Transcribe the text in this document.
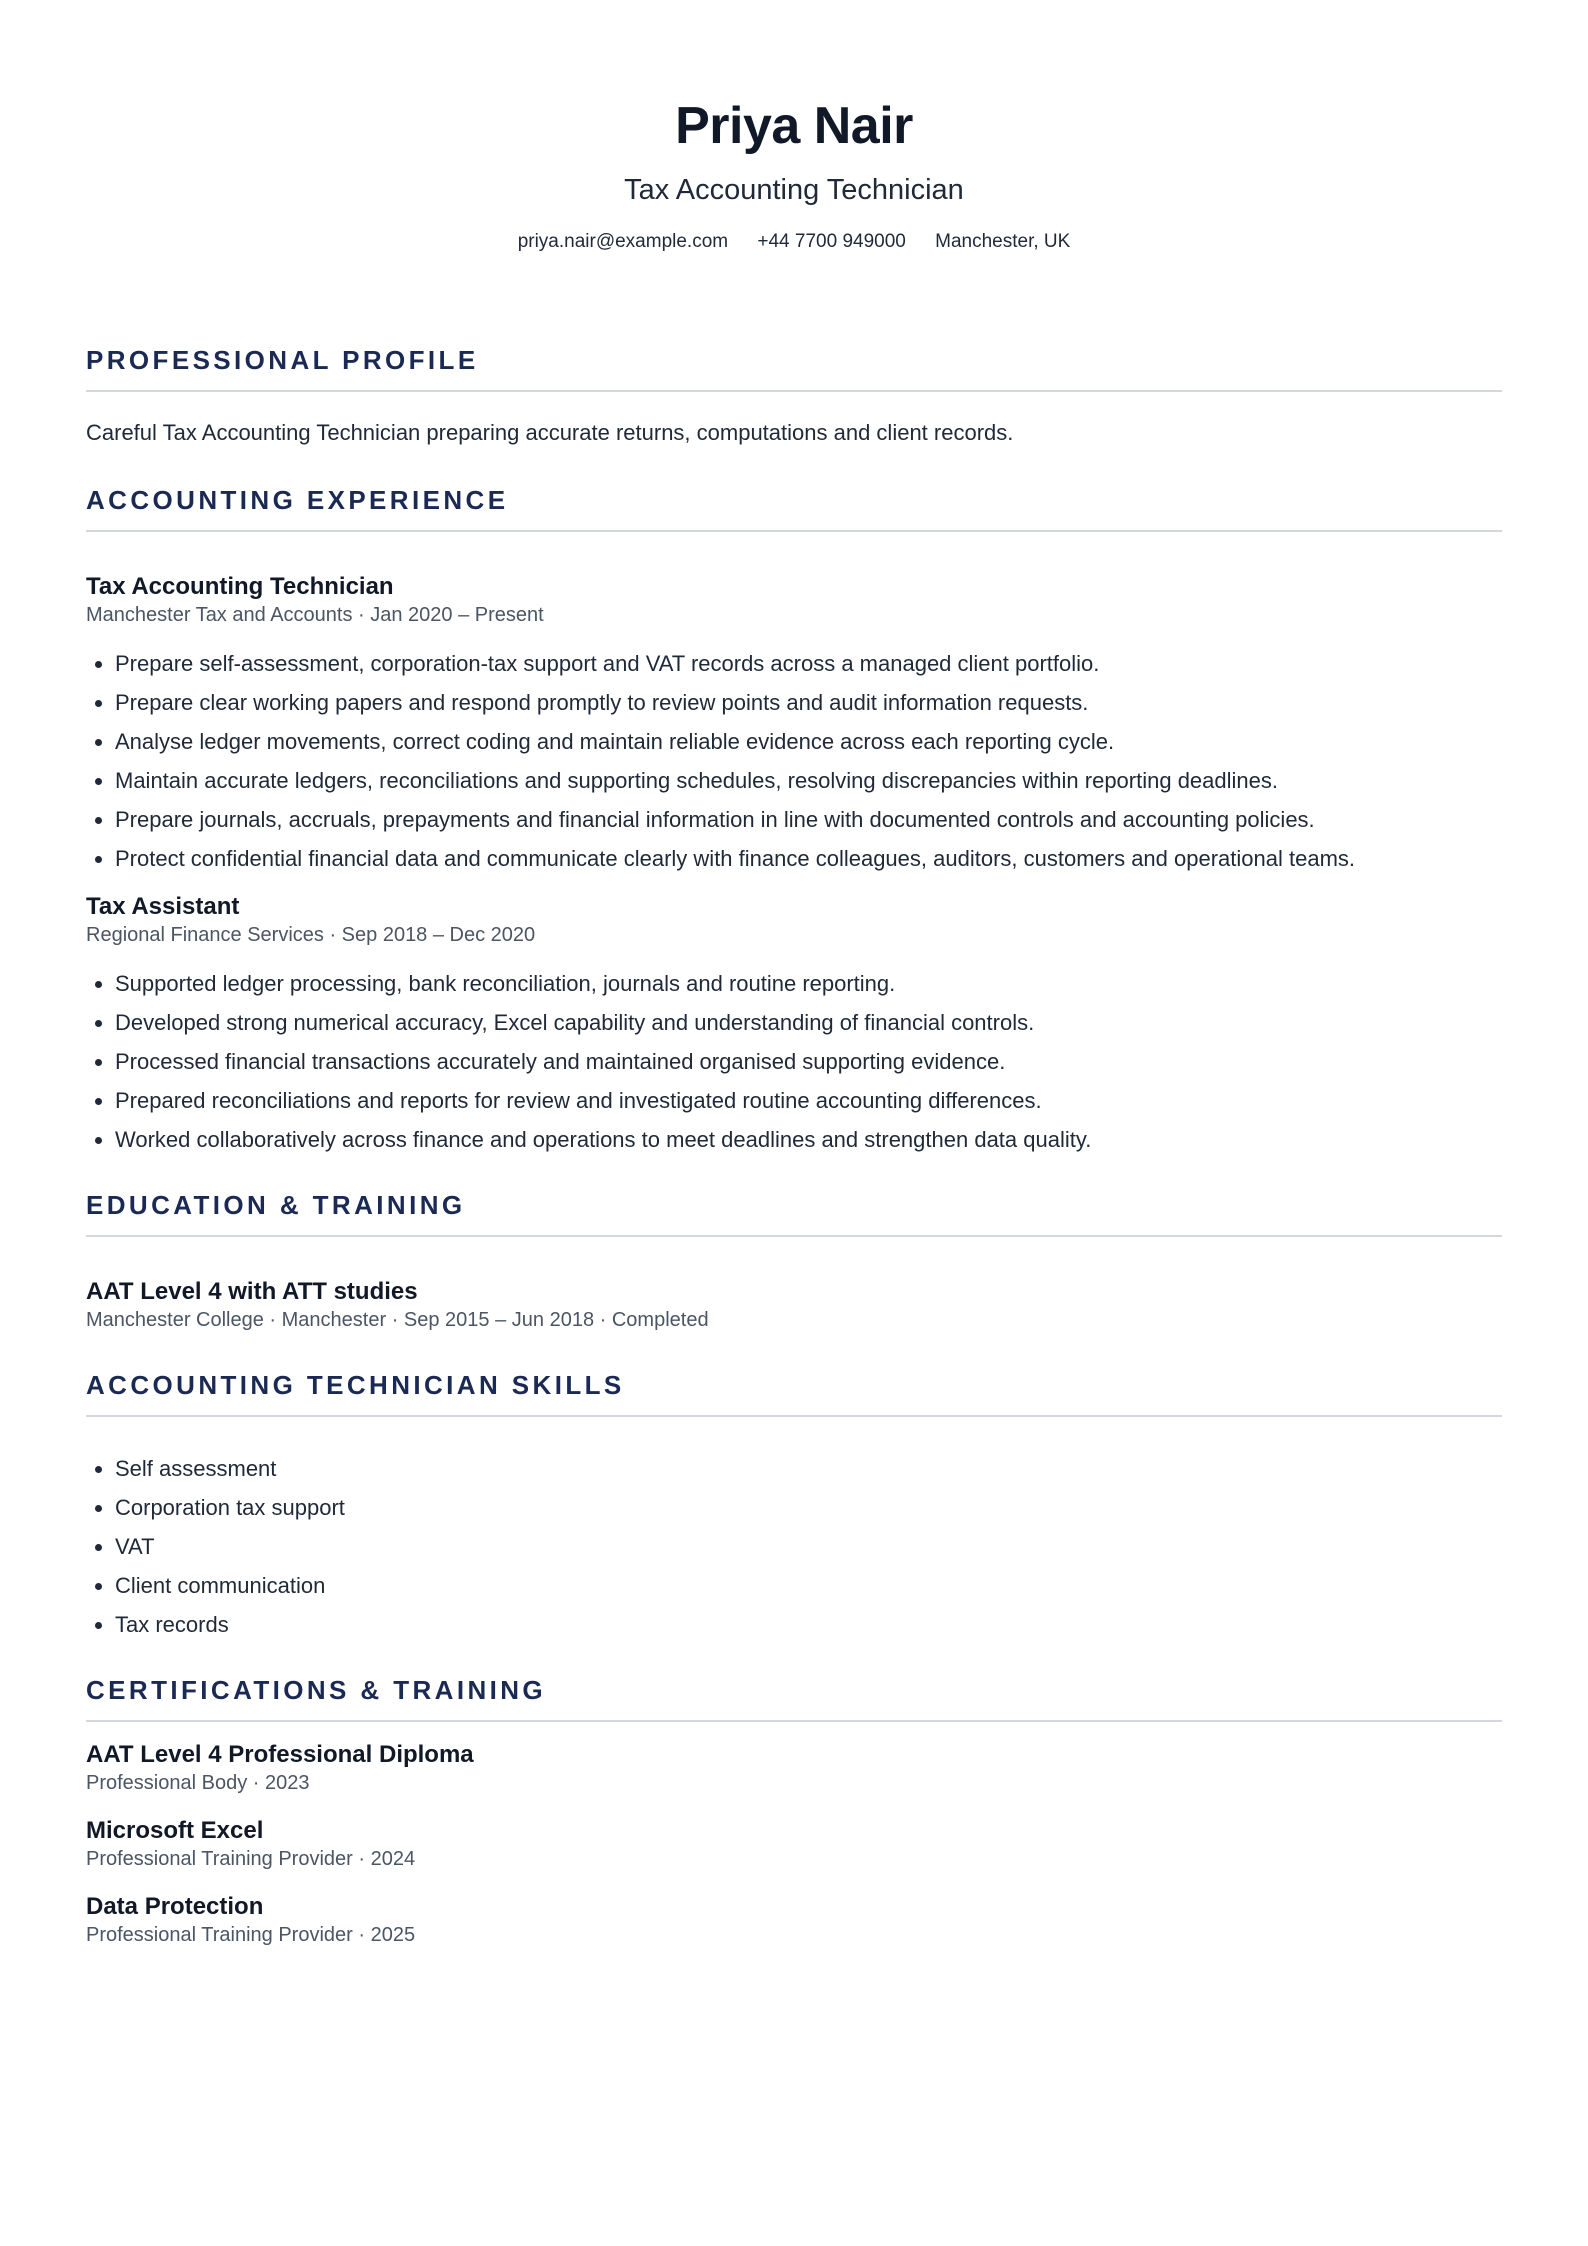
Priya Nair
Tax Accounting Technician
priya.nair@example.com +44 7700 949000 Manchester, UK
PROFESSIONAL PROFILE
Careful Tax Accounting Technician preparing accurate returns, computations and client records.
ACCOUNTING EXPERIENCE
Tax Accounting Technician
Manchester Tax and Accounts · Jan 2020 – Present
• Prepare self-assessment, corporation-tax support and VAT records across a managed client portfolio.
• Prepare clear working papers and respond promptly to review points and audit information requests.
• Analyse ledger movements, correct coding and maintain reliable evidence across each reporting cycle.
• Maintain accurate ledgers, reconciliations and supporting schedules, resolving discrepancies within reporting deadlines.
• Prepare journals, accruals, prepayments and financial information in line with documented controls and accounting policies.
• Protect confidential financial data and communicate clearly with finance colleagues, auditors, customers and operational teams.
Tax Assistant
Regional Finance Services · Sep 2018 – Dec 2020
• Supported ledger processing, bank reconciliation, journals and routine reporting.
• Developed strong numerical accuracy, Excel capability and understanding of financial controls.
• Processed financial transactions accurately and maintained organised supporting evidence.
• Prepared reconciliations and reports for review and investigated routine accounting differences.
• Worked collaboratively across finance and operations to meet deadlines and strengthen data quality.
EDUCATION & TRAINING
AAT Level 4 with ATT studies
Manchester College · Manchester · Sep 2015 – Jun 2018 · Completed
ACCOUNTING TECHNICIAN SKILLS
• Self assessment
• Corporation tax support
• VAT
• Client communication
• Tax records
CERTIFICATIONS & TRAINING
AAT Level 4 Professional Diploma
Professional Body · 2023
Microsoft Excel
Professional Training Provider · 2024
Data Protection
Professional Training Provider · 2025
